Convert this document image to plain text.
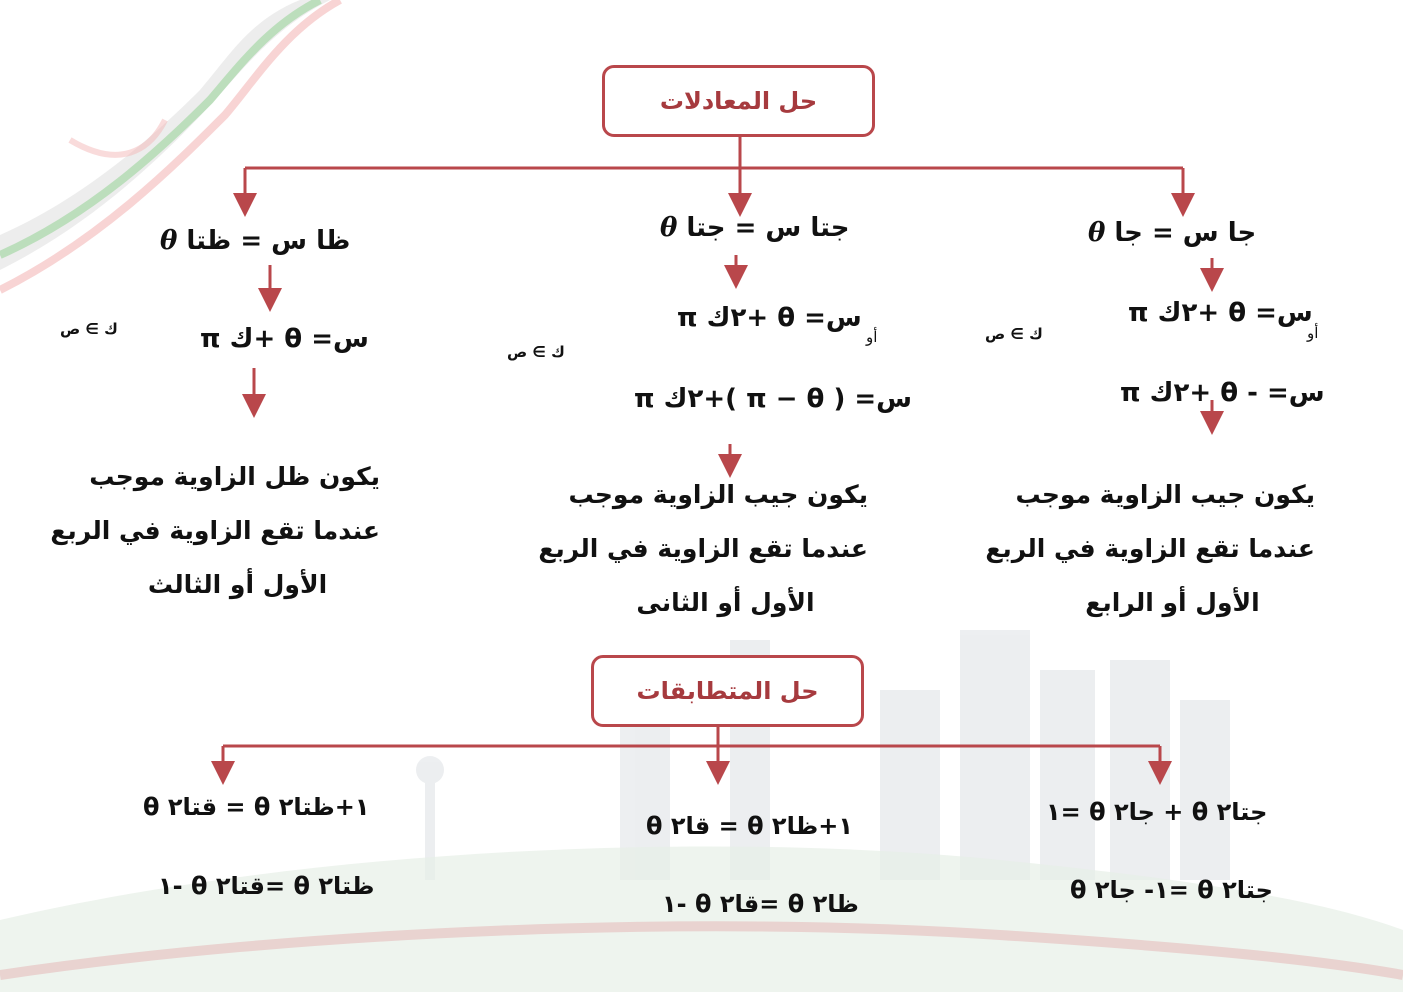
حل المعادلات
حل المتطابقات
جا س = جا θ
س= θ +٢ك π
أو
س= - θ +٢ك π
ك ∋ ص
يكون جيب الزاوية موجب
عندما تقع الزاوية في الربع
الأول أو الرابع
جتا س = جتا θ
س= θ +٢ك π
أو
س= ( π − θ )+٢ك π
ك ∋ ص
يكون جيب الزاوية موجب
عندما تقع الزاوية في الربع
الأول أو الثانى
ظا س = ظتا θ
س= θ +ك π
ك ∋ ص
يكون ظل الزاوية موجب
عندما تقع الزاوية في الربع
الأول أو الثالث
جتا٢ θ + جا٢ θ =١
جتا٢ θ =١- جا٢ θ
١+ظا٢ θ = قا٢ θ
ظا٢ θ =قا٢ θ -١
١+ظتا٢ θ = قتا٢ θ
ظتا٢ θ =قتا٢ θ -١
